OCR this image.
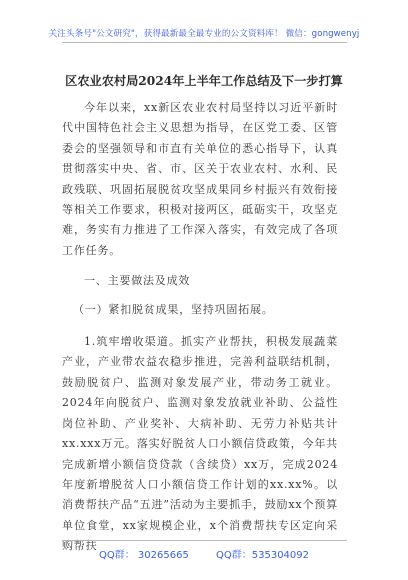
关注头条号"公文研究"，获得最新最全最专业的公文资料库！ 微信：gongwenyj
区农业农村局2024年上半年工作总结及下一步打算

今年以来，xx新区农业农村局坚持以习近平新时代中国特色社会主义思想为指导，在区党工委、区管委会的坚强领导和市直有关单位的悉心指导下，认真贯彻落实中央、省、市、区关于农业农村、水利、民政残联、巩固拓展脱贫攻坚成果同乡村振兴有效衔接等相关工作要求，积极对接两区，砥砺实干，攻坚克难，务实有力推进了工作深入落实，有效完成了各项工作任务。

一、主要做法及成效

（一）紧扣脱贫成果，坚持巩固拓展。

1.筑牢增收渠道。抓实产业帮扶，积极发展蔬菜产业，产业带农益农稳步推进，完善利益联结机制，鼓励脱贫户、监测对象发展产业，带动务工就业。2024年向脱贫户、监测对象发放就业补助、公益性岗位补助、产业奖补、大病补助、无劳力补贴共计xx.xxx万元。落实好脱贫人口小额信贷政策，今年共完成新增小额信贷贷款（含续贷）xx万，完成2024年度新增脱贫人口小额信贷工作计划的xx.xx%。以消费帮扶产品“五进”活动为主要抓手，鼓励xx个预算单位食堂，xx家规模企业，x个消费帮扶专区定向采购帮扶

QQ群： 30265665	QQ群：535304092
